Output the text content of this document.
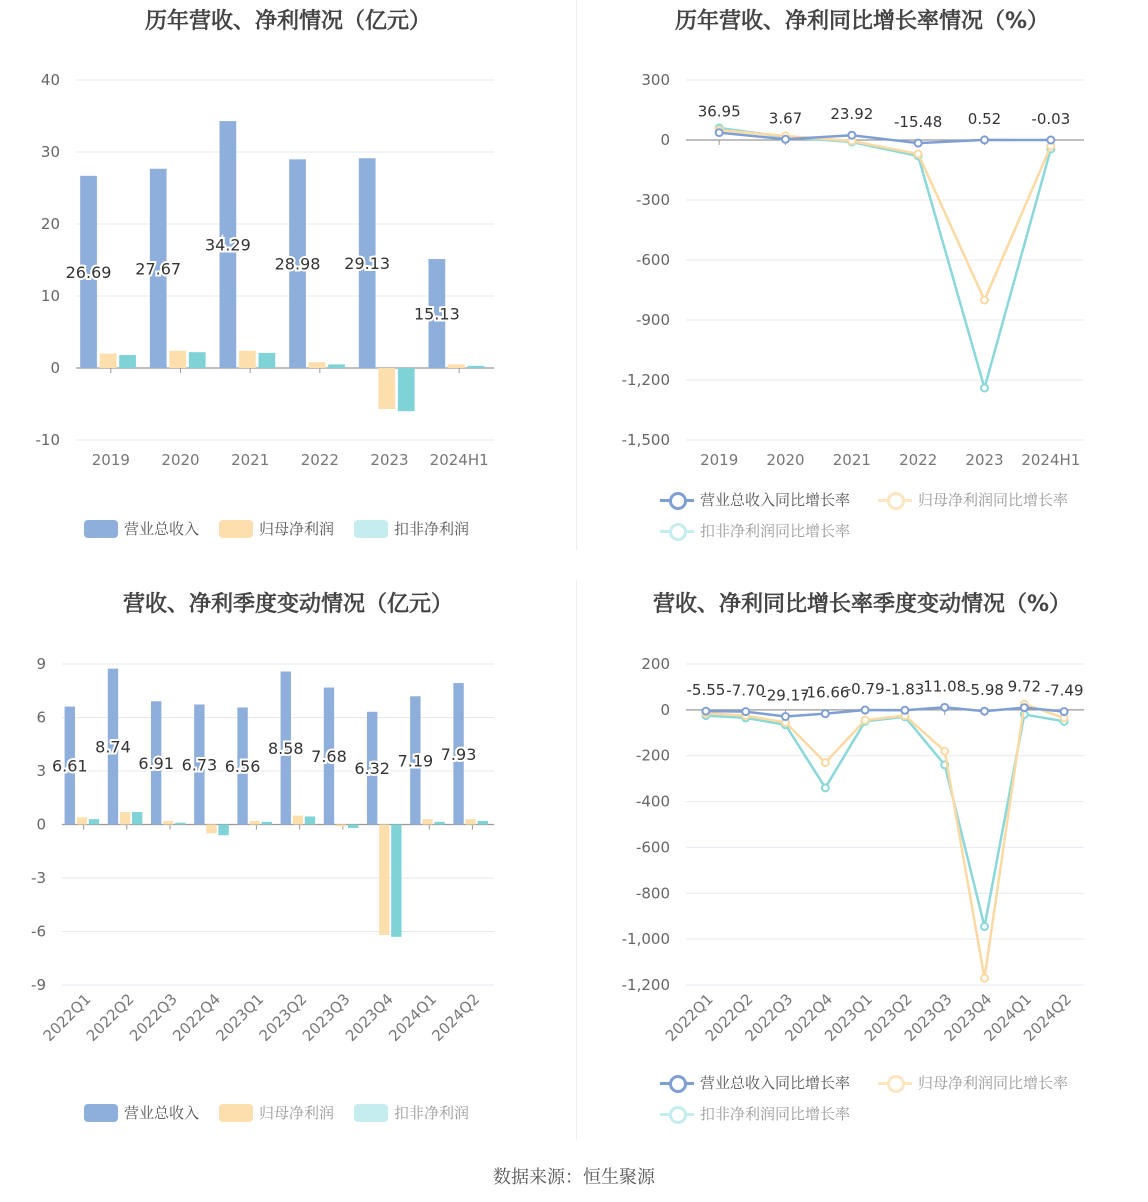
历年营收、净利情况（亿元）	历年营收、净利同比增长率情况（%）
营收、净利季度变动情况（亿元）	营收、净利同比增长率季度变动情况（%）
40
30
20
10
0
-10
2019 2020 2021 2022 2023 2024H1
26.69 27.67
34.29
28.98 29.13
15.13
300
0
-300
-600
-900
-1,200
-1,500
2019 2020 2021 2022 2023 2024H1
36.95 3.67 23.92 -15.48 0.52 -0.03
9
6
3
0
-3
-6
-9
2022Q1
2022Q2
2022Q3
2022Q4
2023Q1
2023Q2
2023Q3
2023Q4
2024Q1
2024Q2
6.61
8.74
6.91 6.73 6.56
8.58 7.68
6.32 7.19 7.93
200
0
-200
-400
-600
-800
-1,000
-1,200
2022Q1
2022Q2
2022Q3
2022Q4
2023Q1
2023Q2
2023Q3
2023Q4
2024Q1
2024Q2
-5.55 -7.70
-29.17
-16.66
-0.79 -1.83
11.08
-5.98 9.72 -7.49
营业总收入	归母净利润	扣非净利润
营业总收入同比增长率	归母净利润同比增长率
扣非净利润同比增长率
营业总收入	归母净利润	扣非净利润
营业总收入同比增长率	归母净利润同比增长率
扣非净利润同比增长率
数据来源：恒生聚源
